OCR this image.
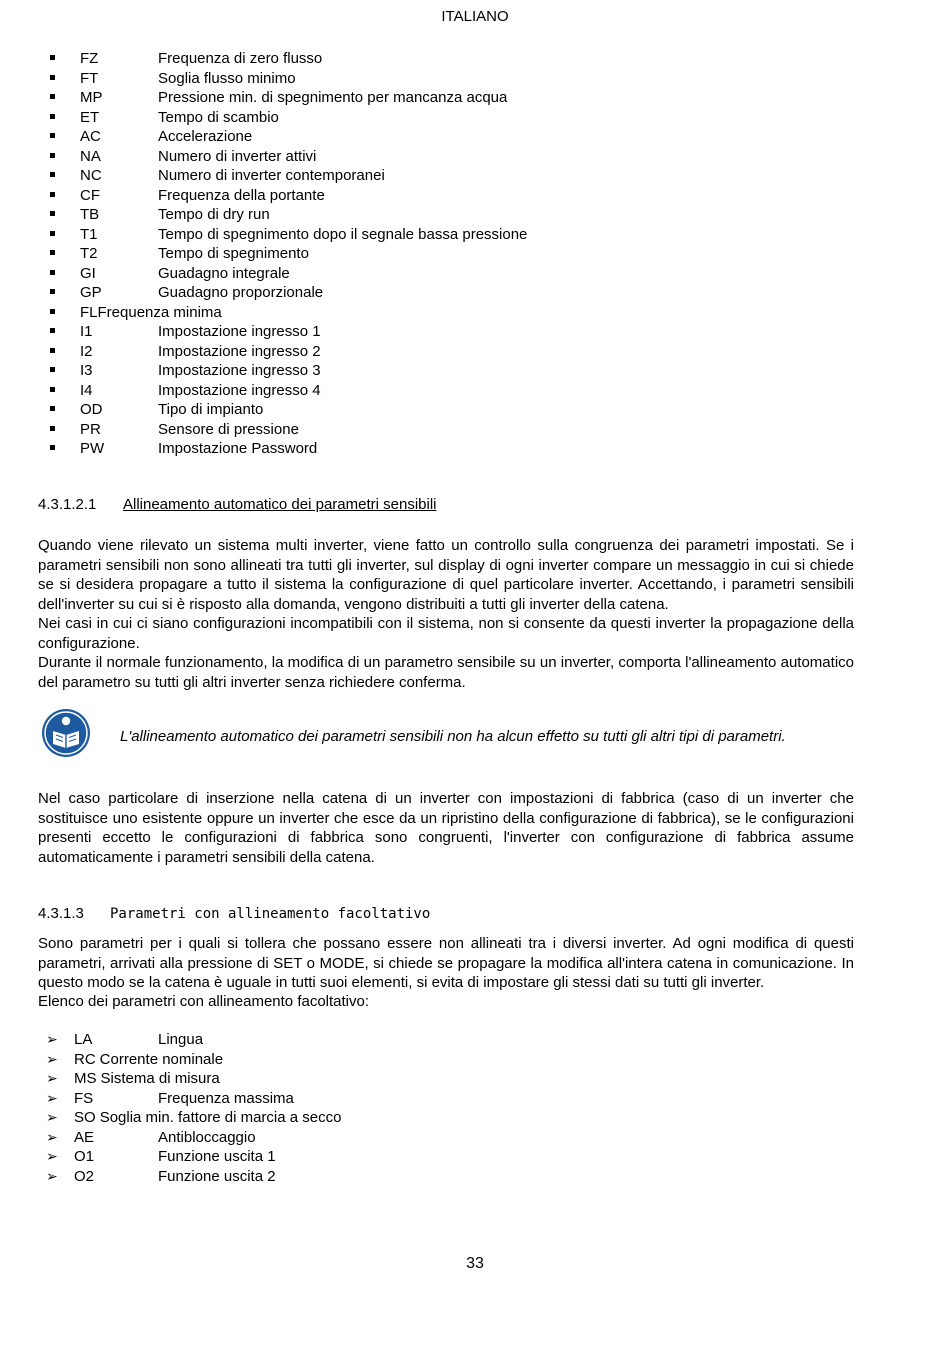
ITALIANO
FZ	Frequenza di zero flusso
FT	Soglia flusso minimo
MP	Pressione min. di spegnimento per mancanza acqua
ET	Tempo di scambio
AC	Accelerazione
NA	Numero di inverter attivi
NC	Numero di inverter contemporanei
CF	Frequenza della portante
TB	Tempo di dry run
T1	Tempo di spegnimento dopo il segnale bassa pressione
T2	Tempo di spegnimento
GI	Guadagno integrale
GP	Guadagno proporzionale
FLFrequenza minima
I1	Impostazione ingresso 1
I2	Impostazione ingresso 2
I3	Impostazione ingresso 3
I4	Impostazione ingresso 4
OD	Tipo di impianto
PR	Sensore di pressione
PW	Impostazione Password
4.3.1.2.1 Allineamento automatico dei parametri sensibili
Quando viene rilevato un sistema multi inverter, viene fatto un controllo sulla congruenza dei parametri impostati. Se i parametri sensibili non sono allineati tra tutti gli inverter, sul display di ogni inverter compare un messaggio in cui si chiede se si desidera propagare a tutto il sistema la configurazione di quel particolare inverter. Accettando, i parametri sensibili dell'inverter su cui si è risposto alla domanda, vengono distribuiti a tutti gli inverter della catena.
Nei casi in cui ci siano configurazioni incompatibili con il sistema, non si consente da questi inverter la propagazione della configurazione.
Durante il normale funzionamento, la modifica di un parametro sensibile su un inverter, comporta l'allineamento automatico del parametro su tutti gli altri inverter senza richiedere conferma.
L'allineamento automatico dei parametri sensibili non ha alcun effetto su tutti gli altri tipi di parametri.
Nel caso particolare di inserzione nella catena di un inverter con impostazioni di fabbrica (caso di un inverter che sostituisce uno esistente oppure un inverter che esce da un ripristino della configurazione di fabbrica), se le configurazioni presenti eccetto le configurazioni di fabbrica sono congruenti, l'inverter con configurazione di fabbrica assume automaticamente i parametri sensibili della catena.
4.3.1.3 Parametri con allineamento facoltativo
Sono parametri per i quali si tollera che possano essere non allineati tra i diversi inverter. Ad ogni modifica di questi parametri, arrivati alla pressione di SET o MODE, si chiede se propagare la modifica all'intera catena in comunicazione. In questo modo se la catena è uguale in tutti suoi elementi, si evita di impostare gli stessi dati su tutti gli inverter.
Elenco dei parametri con allineamento facoltativo:
➢ LA	Lingua
➢ RC Corrente nominale
➢ MS Sistema di misura
➢ FS	Frequenza massima
➢ SO Soglia min. fattore di marcia a secco
➢ AE	Antibloccaggio
➢ O1	Funzione uscita 1
➢ O2	Funzione uscita 2
33
